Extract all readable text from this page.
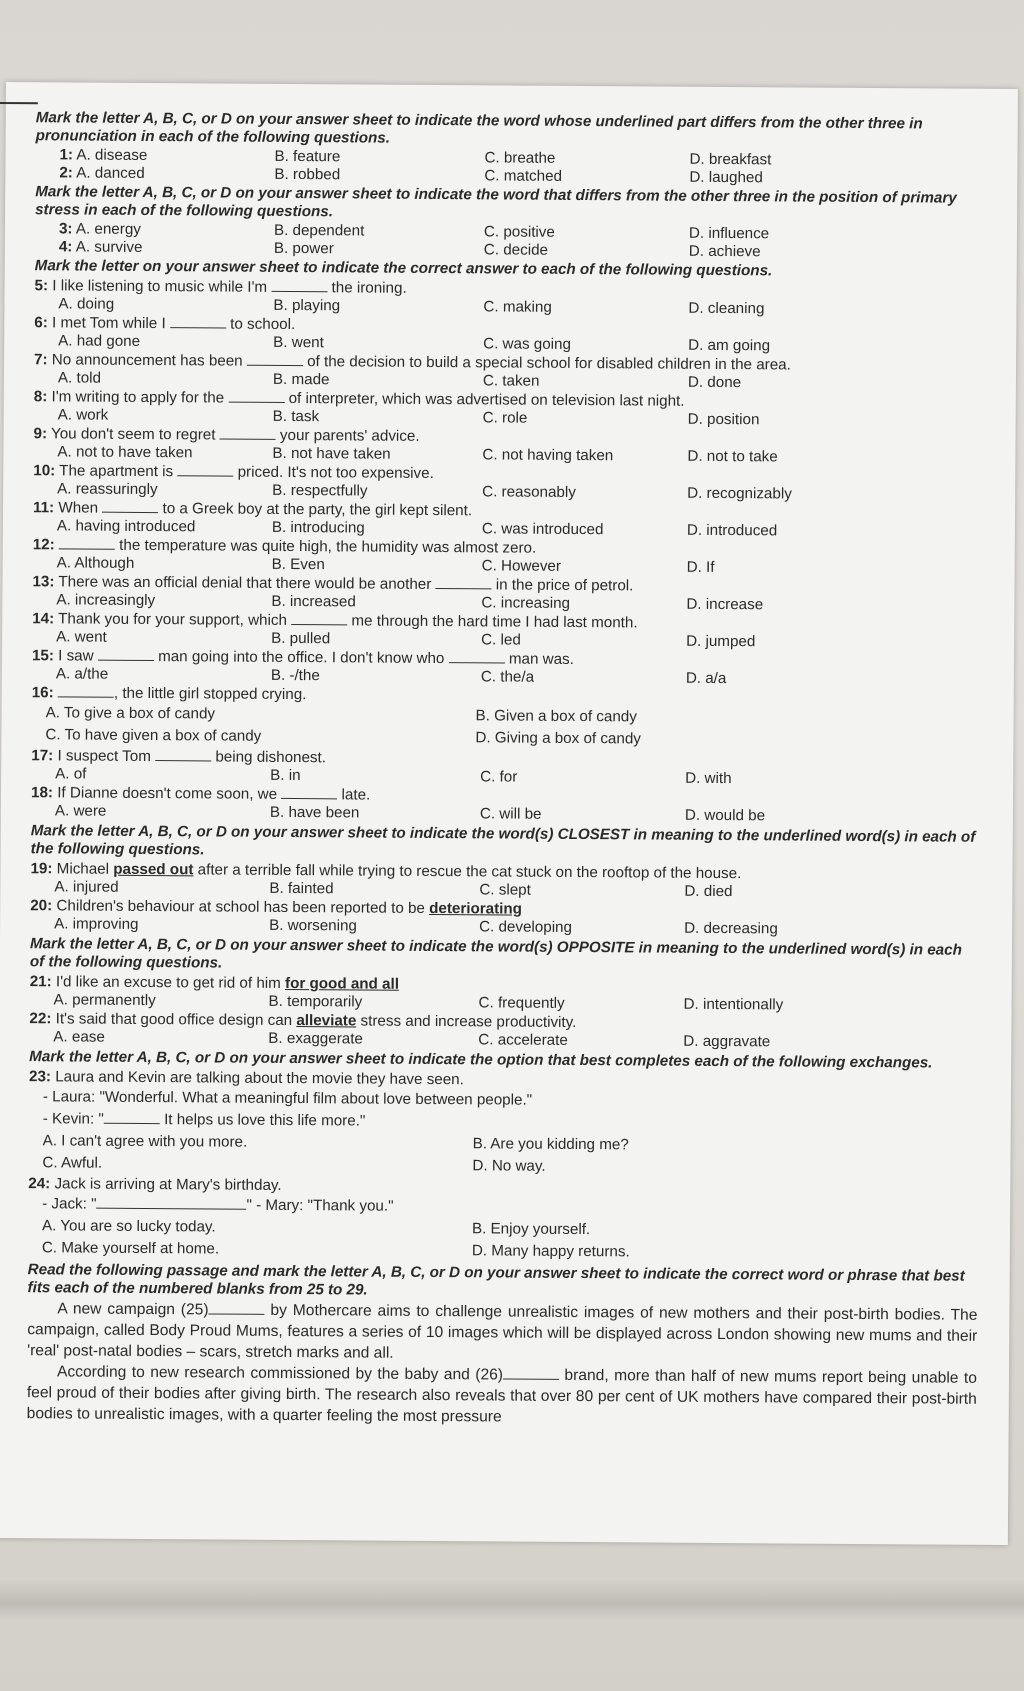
Mark the letter A, B, C, or D on your answer sheet to indicate the word whose underlined part differs from the other three in pronunciation in each of the following questions.

1: A. disease	B. feature	C. breathe	D. breakfast
2: A. danced	B. robbed	C. matched	D. laughed

Mark the letter A, B, C, or D on your answer sheet to indicate the word that differs from the other three in the position of primary stress in each of the following questions.

3: A. energy	B. dependent	C. positive	D. influence
4: A. survive	B. power	C. decide	D. achieve

Mark the letter on your answer sheet to indicate the correct answer to each of the following questions.

5: I like listening to music while I'm	the ironing.

A. doing	B. playing	C. making	D. cleaning

6: I met Tom while I	to school.

A. had gone	B. went	C. was going	D. am going

7: No announcement has been	of the decision to build a special school for disabled children in the area.

A. told	B. made	C. taken	D. done

8: I'm writing to apply for the	of interpreter, which was advertised on television last night.

A. work	B. task	C. role	D. position

9: You don't seem to regret	your parents' advice.

A. not to have taken	B. not have taken	C. not having taken	D. not to take

10: The apartment is	priced. It's not too expensive.

A. reassuringly	B. respectfully	C. reasonably	D. recognizably

11: When	to a Greek boy at the party, the girl kept silent.

A. having introduced	B. introducing	C. was introduced	D. introduced

12:	the temperature was quite high, the humidity was almost zero.

A. Although	B. Even	C. However	D. If

13: There was an official denial that there would be another	in the price of petrol.

A. increasingly	B. increased	C. increasing	D. increase

14: Thank you for your support, which	me through the hard time I had last month.

A. went	B. pulled	C. led	D. jumped

15: I saw	man going into the office. I don't know who	man was.

A. a/the	B. -/the	C. the/a	D. a/a

16:	, the little girl stopped crying.

A. To give a box of candy	B. Given a box of candy
C. To have given a box of candy	D. Giving a box of candy

17: I suspect Tom	being dishonest.

A. of	B. in	C. for	D. with

18: If Dianne doesn't come soon, we	late.

A. were	B. have been	C. will be	D. would be

Mark the letter A, B, C, or D on your answer sheet to indicate the word(s) CLOSEST in meaning to the underlined word(s) in each of the following questions.

19: Michael passed out after a terrible fall while trying to rescue the cat stuck on the rooftop of the house.

A. injured	B. fainted	C. slept	D. died

20: Children's behaviour at school has been reported to be deteriorating

A. improving	B. worsening	C. developing	D. decreasing

Mark the letter A, B, C, or D on your answer sheet to indicate the word(s) OPPOSITE in meaning to the underlined word(s) in each of the following questions.

21: I'd like an excuse to get rid of him for good and all

A. permanently	B. temporarily	C. frequently	D. intentionally

22: It's said that good office design can alleviate stress and increase productivity.

A. ease	B. exaggerate	C. accelerate	D. aggravate

Mark the letter A, B, C, or D on your answer sheet to indicate the option that best completes each of the following exchanges.

23: Laura and Kevin are talking about the movie they have seen.

- Laura: "Wonderful. What a meaningful film about love between people."
- Kevin: "	It helps us love this life more."
A. I can't agree with you more.	B. Are you kidding me?
C. Awful.	D. No way.

24: Jack is arriving at Mary's birthday.

- Jack: "	" - Mary: "Thank you."
A. You are so lucky today.	B. Enjoy yourself.
C. Make yourself at home.	D. Many happy returns.

Read the following passage and mark the letter A, B, C, or D on your answer sheet to indicate the correct word or phrase that best fits each of the numbered blanks from 25 to 29.

A new campaign (25)	by Mothercare aims to challenge unrealistic images of new mothers and their post-birth bodies. The campaign, called Body Proud Mums, features a series of 10 images which will be displayed across London showing new mums and their 'real' post-natal bodies – scars, stretch marks and all.

According to new research commissioned by the baby and (26)	brand, more than half of new mums report being unable to feel proud of their bodies after giving birth. The research also reveals that over 80 per cent of UK mothers have compared their post-birth bodies to unrealistic images, with a quarter feeling the most pressure
